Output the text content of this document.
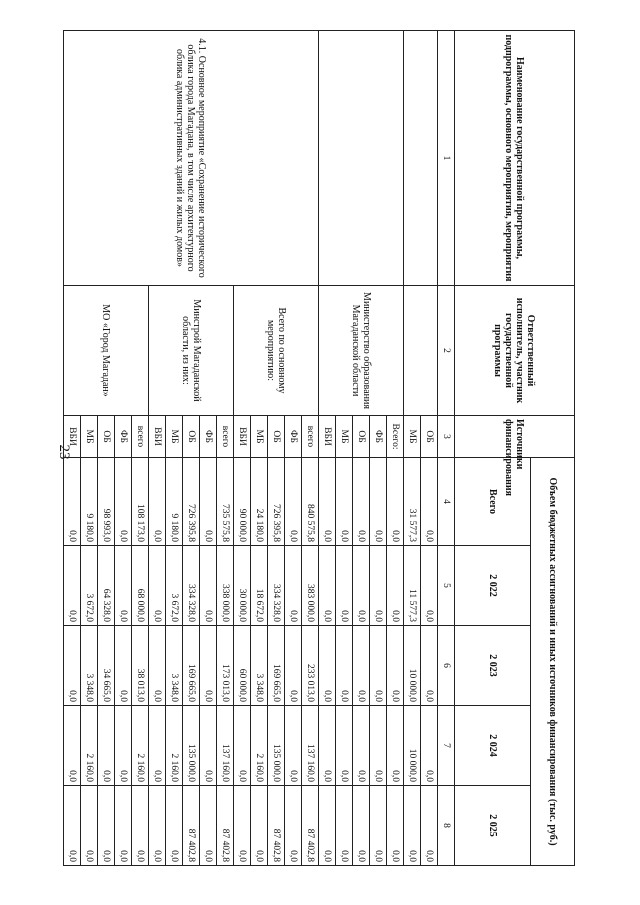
23
Наименование государственной программы, подпрограммы, основного мероприятия, мероприятия	Ответственный исполнитель, участник государственной программы	Источники финансирования	Объем бюджетных ассигнований и иных источников финансирования (тыс. руб.)				
			Всего	2 022	2 023	2 024	2 025
1	2	3	4	5	6	7	8
		ОБ	0,0	0,0	0,0	0,0	0,0
		МБ	31 577,3	11 577,3	10 000,0	10 000,0	0,0
	Министерство образования Магаданской области	Всего:	0,0	0,0	0,0	0,0	0,0
		ФБ	0,0	0,0	0,0	0,0	0,0
		ОБ	0,0	0,0	0,0	0,0	0,0
		МБ	0,0	0,0	0,0	0,0	0,0
		ВБИ	0,0	0,0	0,0	0,0	0,0
4.1. Основное мероприятие «Сохранение исторического облика города Магадана, в том числе архитектурного облика административных зданий и жилых домов»	Всего по основному мероприятию:	всего	840 575,8	383 000,0	233 013,0	137 160,0	87 402,8
		ФБ	0,0	0,0	0,0	0,0	0,0
		ОБ	726 395,8	334 328,0	169 665,0	135 000,0	87 402,8
		МБ	24 180,0	18 672,0	3 348,0	2 160,0	0,0
		ВБИ	90 000,0	30 000,0	60 000,0	0,0	0,0
	Минстрой Магаданской области, из них:	всего	735 575,8	338 000,0	173 013,0	137 160,0	87 402,8
		ФБ	0,0	0,0	0,0	0,0	0,0
		ОБ	726 395,8	334 328,0	169 665,0	135 000,0	87 402,8
		МБ	9 180,0	3 672,0	3 348,0	2 160,0	0,0
		ВБИ	0,0	0,0	0,0	0,0	0,0
	МО «Город Магадан»	всего	108 173,0	68 000,0	38 013,0	2 160,0	0,0
		ФБ	0,0	0,0	0,0	0,0	0,0
		ОБ	98 993,0	64 328,0	34 665,0	0,0	0,0
		МБ	9 180,0	3 672,0	3 348,0	2 160,0	0,0
		ВБИ	0,0	0,0	0,0	0,0	0,0
